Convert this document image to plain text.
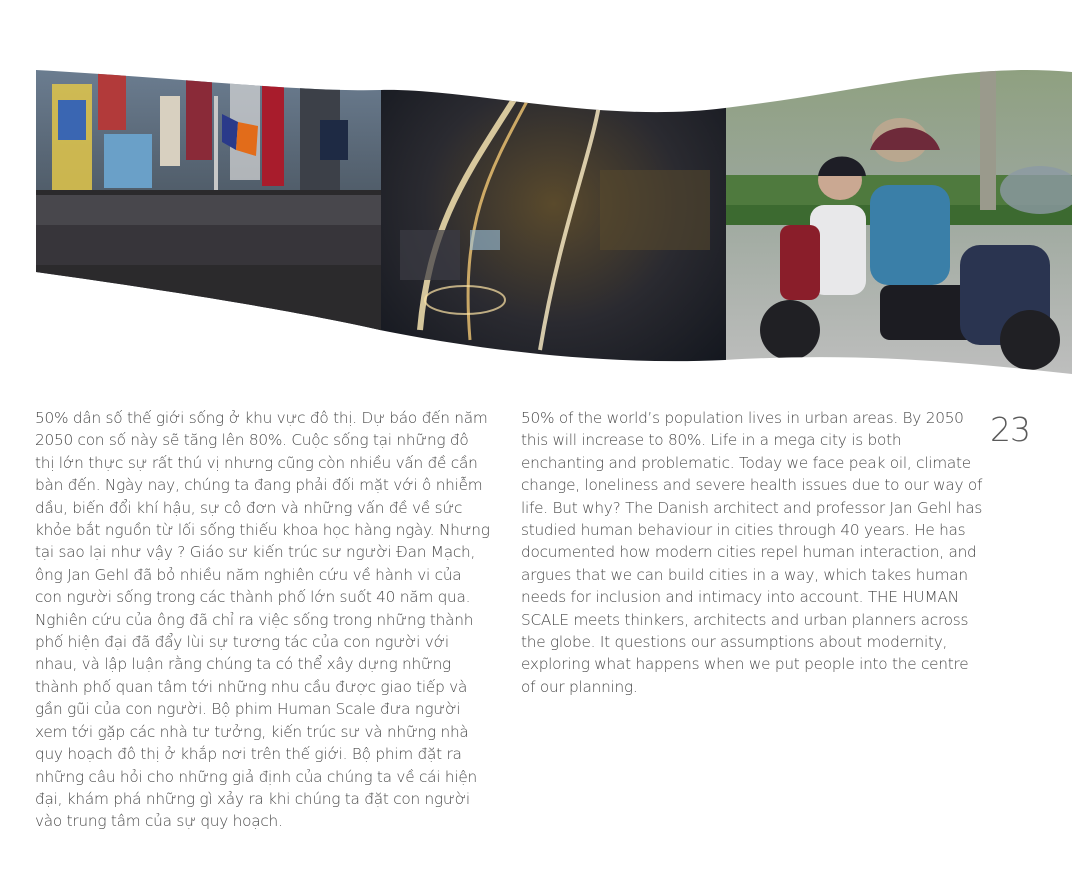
50% dân số thế giới sống ở khu vực đô thị. Dự báo đến năm 2050 con số này sẽ tăng lên 80%. Cuộc sống tại những đô thị lớn thực sự rất thú vị nhưng cũng còn nhiều vấn đề cần bàn đến. Ngày nay, chúng ta đang phải đối mặt với ô nhiễm dầu, biến đổi khí hậu, sự cô đơn và những vấn đề về sức khỏe bắt nguồn từ lối sống thiếu khoa học hàng ngày. Nhưng tại sao lại như vậy ? Giáo sư kiến trúc sư người Đan Mạch, ông Jan Gehl đã bỏ nhiều năm nghiên cứu về hành vi của con người sống trong các thành phố lớn suốt 40 năm qua. Nghiên cứu của ông đã chỉ ra việc sống trong những thành phố hiện đại đã đẩy lùi sự tương tác của con người với nhau, và lập luận rằng chúng ta có thể xây dựng những thành phố quan tâm tới những nhu cầu được giao tiếp và gần gũi của con người. Bộ phim Human Scale đưa người xem tới gặp các nhà tư tưởng, kiến trúc sư và những nhà quy hoạch đô thị ở khắp nơi trên thế giới. Bộ phim đặt ra những câu hỏi cho những giả định của chúng ta về cái hiện đại, khám phá những gì xảy ra khi chúng ta đặt con người vào trung tâm của sự quy hoạch.

50% of the world’s population lives in urban areas. By 2050 this will increase to 80%. Life in a mega city is both enchanting and problematic. Today we face peak oil, climate change, loneliness and severe health issues due to our way of life. But why? The Danish architect and professor Jan Gehl has studied human behaviour in cities through 40 years. He has documented how modern cities repel human interaction, and argues that we can build cities in a way, which takes human needs for inclusion and intimacy into account. THE HUMAN SCALE meets thinkers, architects and urban planners across the globe. It questions our assumptions about modernity, exploring what happens when we put people into the centre of our planning.

23
